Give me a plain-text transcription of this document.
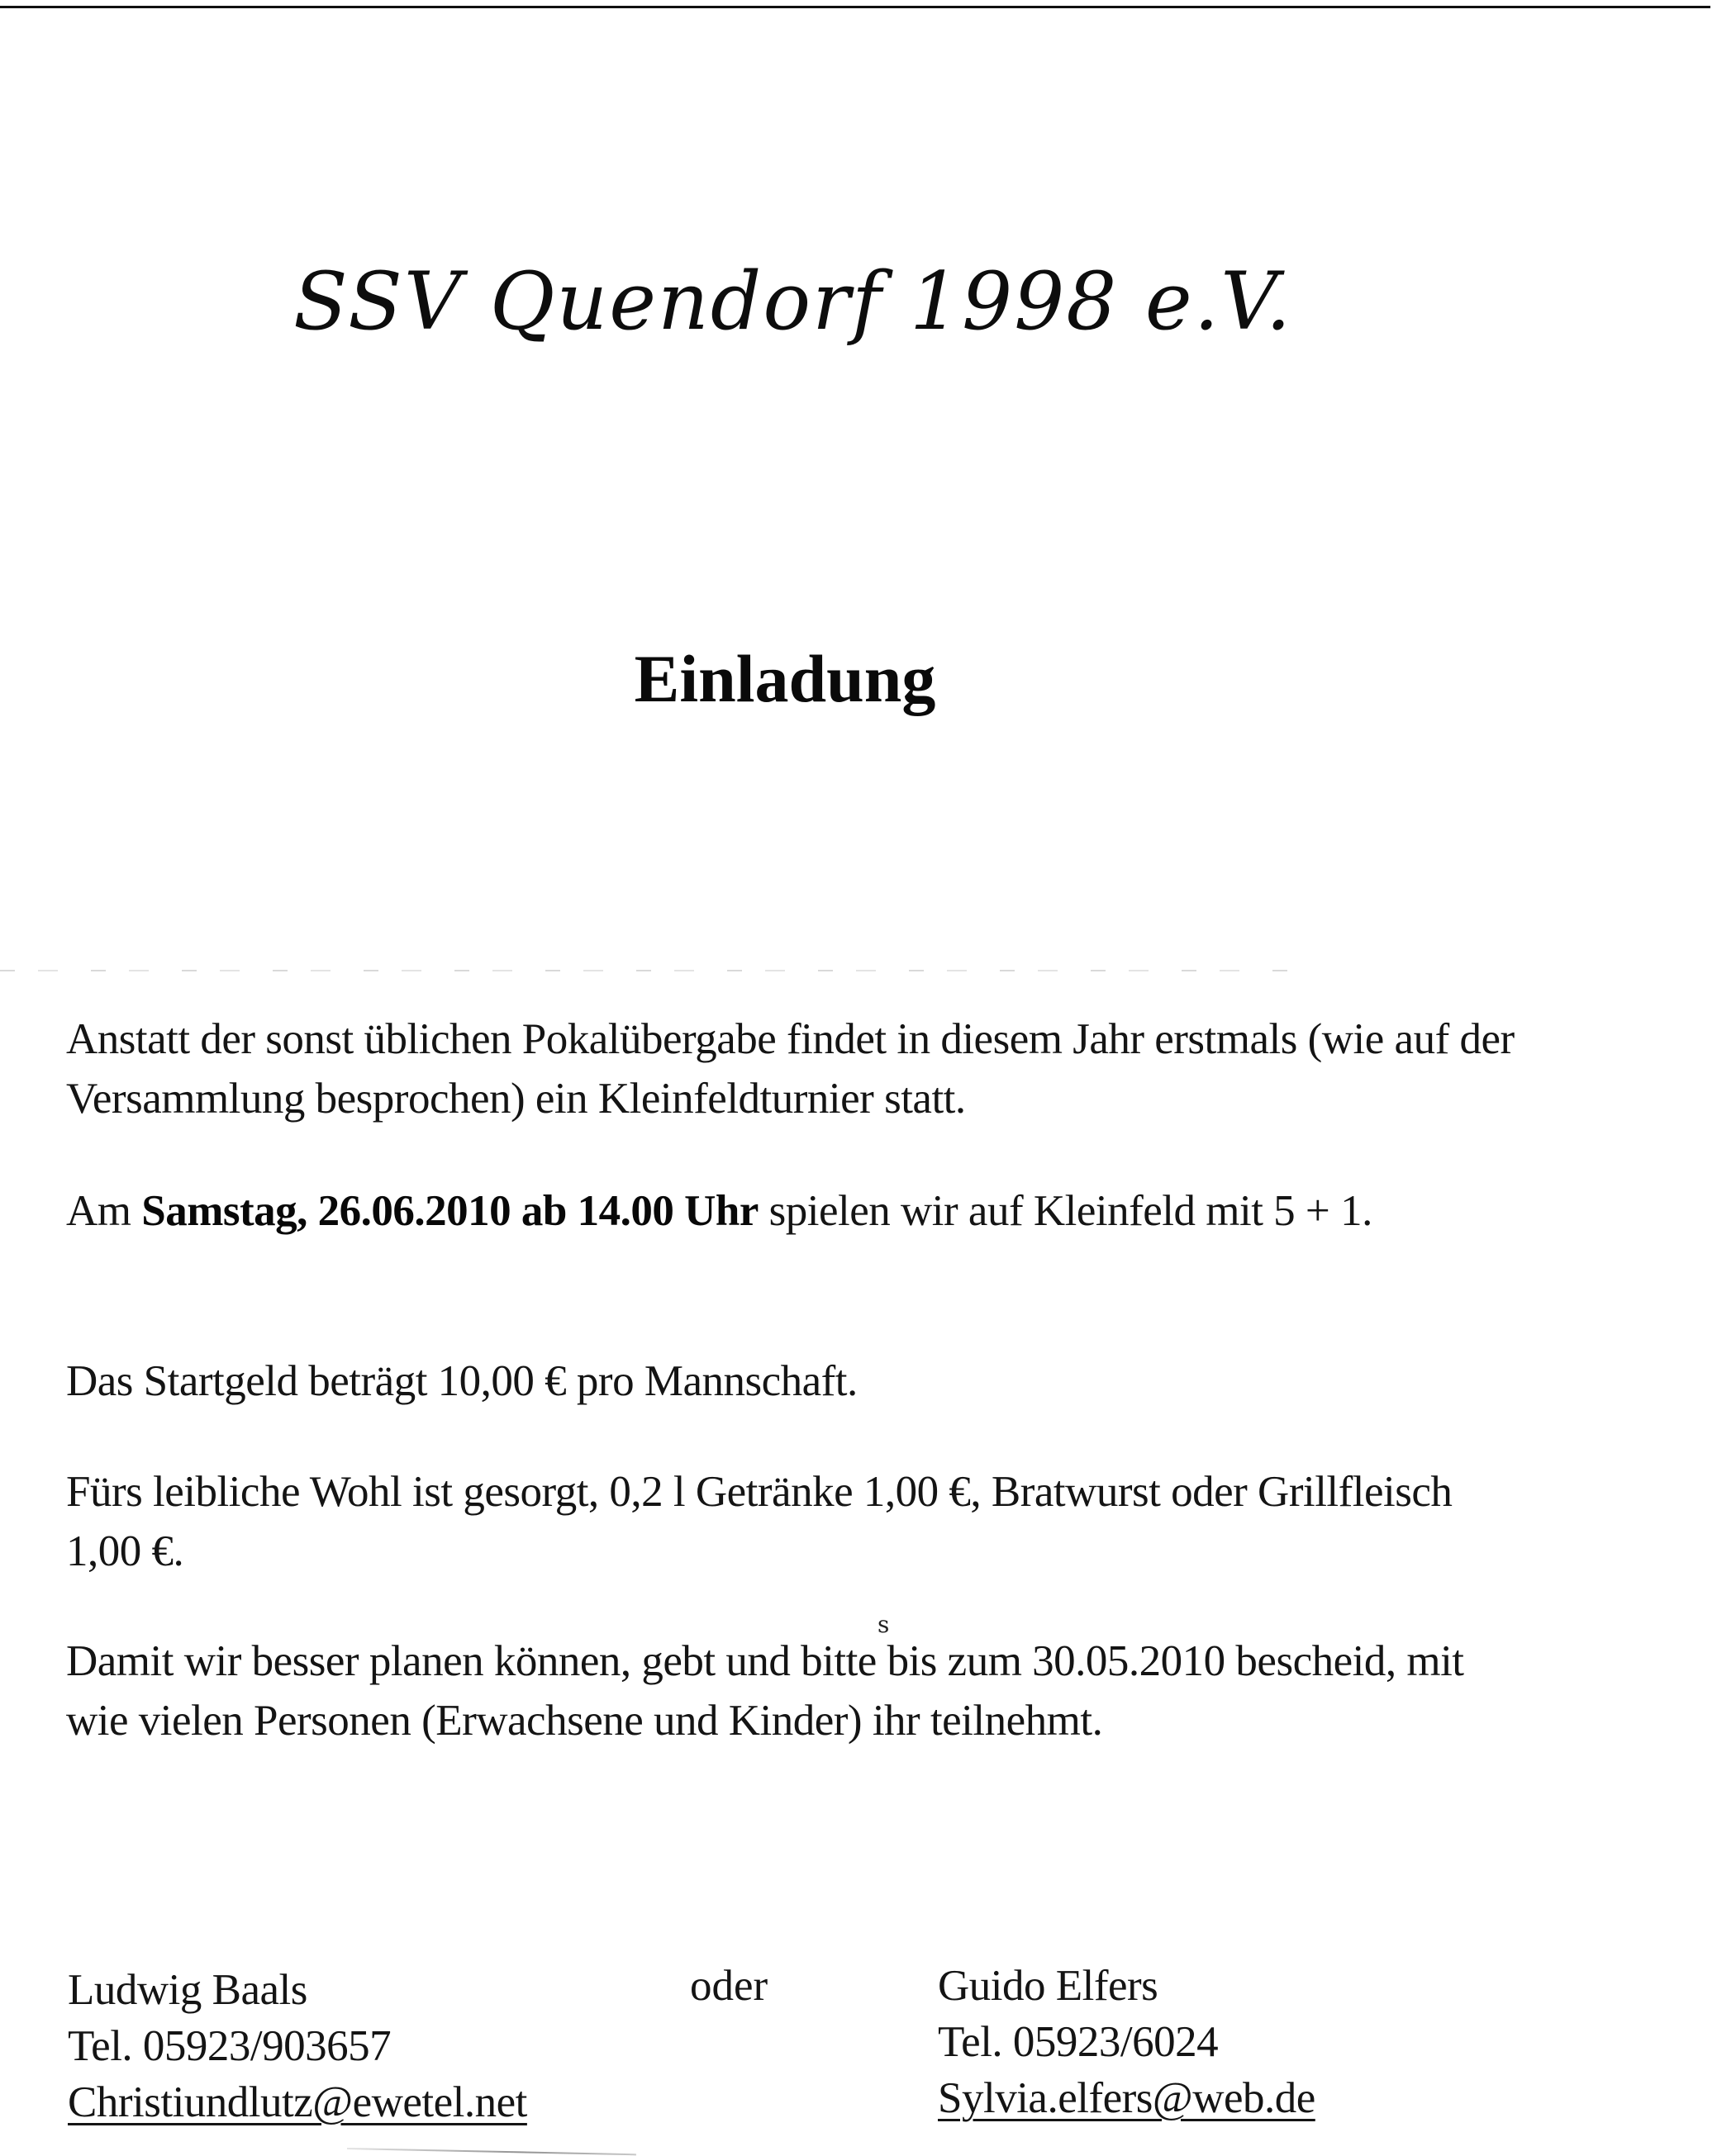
SSV Quendorf 1998 e.V.
Einladung
Anstatt der sonst üblichen Pokalübergabe findet in diesem Jahr erstmals (wie auf der Versammlung besprochen) ein Kleinfeldturnier statt.
Am Samstag, 26.06.2010 ab 14.00 Uhr spielen wir auf Kleinfeld mit 5 + 1.
Das Startgeld beträgt 10,00 € pro Mannschaft.
Fürs leibliche Wohl ist gesorgt, 0,2 l Getränke 1,00 €, Bratwurst oder Grillfleisch 1,00 €.
s
Damit wir besser planen können, gebt und bitte bis zum 30.05.2010 bescheid, mit wie vielen Personen (Erwachsene und Kinder) ihr teilnehmt.
Ludwig Baals
Tel. 05923/903657
Christiundlutz@ewetel.net
oder	Guido Elfers
Tel. 05923/6024
Sylvia.elfers@web.de
